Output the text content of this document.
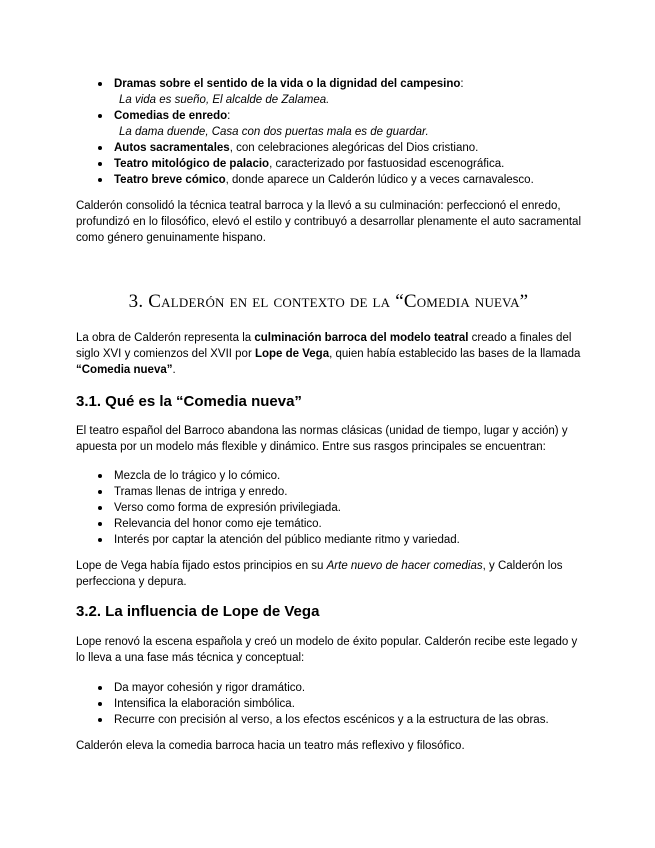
Dramas sobre el sentido de la vida o la dignidad del campesino:
La vida es sueño, El alcalde de Zalamea.
Comedias de enredo:
La dama duende, Casa con dos puertas mala es de guardar.
Autos sacramentales, con celebraciones alegóricas del Dios cristiano.
Teatro mitológico de palacio, caracterizado por fastuosidad escenográfica.
Teatro breve cómico, donde aparece un Calderón lúdico y a veces carnavalesco.

Calderón consolidó la técnica teatral barroca y la llevó a su culminación: perfeccionó el enredo, profundizó en lo filosófico, elevó el estilo y contribuyó a desarrollar plenamente el auto sacramental como género genuinamente hispano.

3. Calderón en el contexto de la “Comedia nueva”

La obra de Calderón representa la culminación barroca del modelo teatral creado a finales del siglo XVI y comienzos del XVII por Lope de Vega, quien había establecido las bases de la llamada “Comedia nueva”.

3.1. Qué es la “Comedia nueva”

El teatro español del Barroco abandona las normas clásicas (unidad de tiempo, lugar y acción) y apuesta por un modelo más flexible y dinámico. Entre sus rasgos principales se encuentran:

Mezcla de lo trágico y lo cómico.
Tramas llenas de intriga y enredo.
Verso como forma de expresión privilegiada.
Relevancia del honor como eje temático.
Interés por captar la atención del público mediante ritmo y variedad.

Lope de Vega había fijado estos principios en su Arte nuevo de hacer comedias, y Calderón los perfecciona y depura.

3.2. La influencia de Lope de Vega

Lope renovó la escena española y creó un modelo de éxito popular. Calderón recibe este legado y lo lleva a una fase más técnica y conceptual:

Da mayor cohesión y rigor dramático.
Intensifica la elaboración simbólica.
Recurre con precisión al verso, a los efectos escénicos y a la estructura de las obras.

Calderón eleva la comedia barroca hacia un teatro más reflexivo y filosófico.
